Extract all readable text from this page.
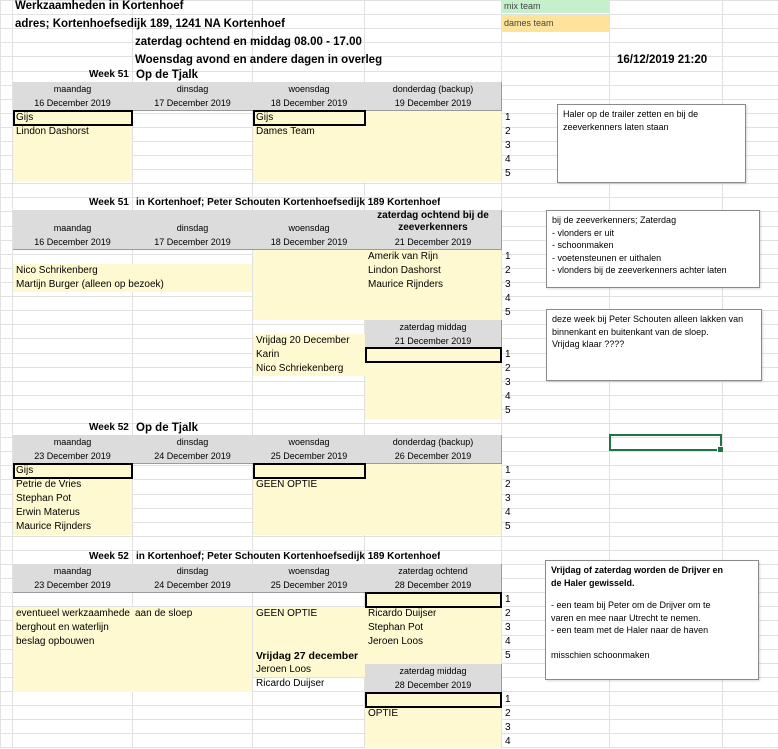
Werkzaamheden in Kortenhoef
adres; Kortenhoefsedijk 189, 1241 NA Kortenhoef
zaterdag ochtend en middag 08.00 - 17.00
Woensdag avond en andere dagen in overleg	16/12/2019 21:20
mix team
dames team
Week 51 Op de Tjalk
maandag
16 December 2019
dinsdag
17 December 2019
woensdag
18 December 2019
donderdag (backup)
19 December 2019
Gijs
Lindon Dashorst
Gijs
Dames Team
1
2
3
4
5
Haler op de trailer zetten en bij de
zeeverkenners laten staan
Week 51 in Kortenhoef; Peter Schouten Kortenhoefsedijk 189 Kortenhoef
maandag
16 December 2019
dinsdag
17 December 2019
woensdag
18 December 2019
zaterdag ochtend bij de
zeeverkenners
21 December 2019
Amerik van Rijn
Lindon Dashorst
Maurice Rijnders
Nico Schrikenberg
Martijn Burger (alleen op bezoek)
1
2
3
4
5
zaterdag middag
21 December 2019
Vrijdag 20 December
Karin
Nico Schriekenberg
1
2
3
4
5
bij de zeeverkenners; Zaterdag
- vlonders er uit
- schoonmaken
- voetensteunen er uithalen
- vlonders bij de zeeverkenners achter laten
deze week bij Peter Schouten alleen lakken van
binnenkant en buitenkant van de sloep.
Vrijdag klaar ????
Week 52 Op de Tjalk
maandag
23 December 2019
dinsdag
24 December 2019
woensdag
25 December 2019
donderdag (backup)
26 December 2019
Gijs
Petrie de Vries
Stephan Pot
Erwin Materus
Maurice Rijnders
GEEN OPTIE
1
2
3
4
5
Week 52 in Kortenhoef; Peter Schouten Kortenhoefsedijk 189 Kortenhoef
maandag
23 December 2019
dinsdag
24 December 2019
woensdag
25 December 2019
zaterdag ochtend
28 December 2019
eventueel werkzaamhede aan de sloep
berghout en waterlijn
beslag opbouwen
GEEN OPTIE	Ricardo Duijser
Stephan Pot
Jeroen Loos
1
2
3
4
5
Vrijdag 27 december
Jeroen Loos
Ricardo Duijser
zaterdag middag
28 December 2019
OPTIE
1
2
3
4
Vrijdag of zaterdag worden de Drijver en
de Haler gewisseld.
- een team bij Peter om de Drijver om te
varen en mee naar Utrecht te nemen.
- een team met de Haler naar de haven
misschien schoonmaken
